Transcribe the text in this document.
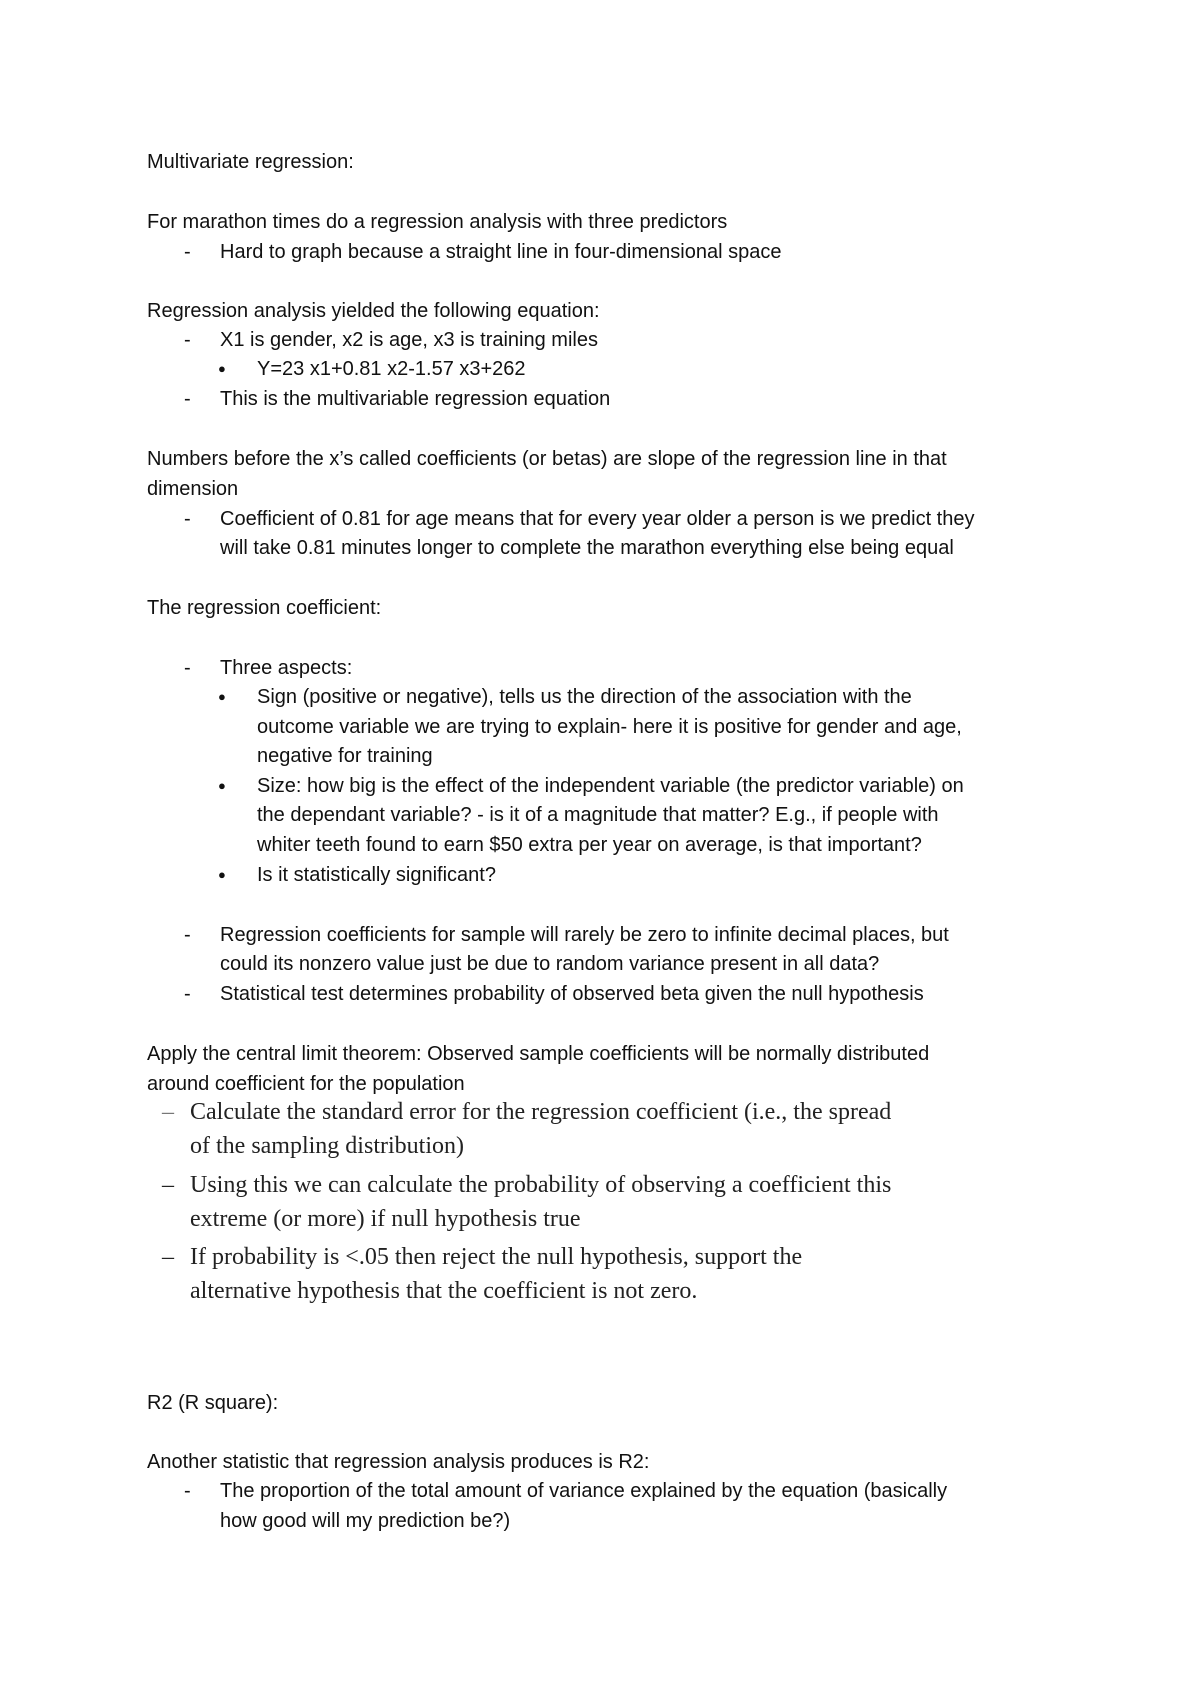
Multivariate regression:
For marathon times do a regression analysis with three predictors
- Hard to graph because a straight line in four-dimensional space
Regression analysis yielded the following equation:
- X1 is gender, x2 is age, x3 is training miles
● Y=23 x1+0.81 x2-1.57 x3+262
- This is the multivariable regression equation
Numbers before the x’s called coefficients (or betas) are slope of the regression line in that
dimension
- Coefficient of 0.81 for age means that for every year older a person is we predict they
will take 0.81 minutes longer to complete the marathon everything else being equal
The regression coefficient:
- Three aspects:
● Sign (positive or negative), tells us the direction of the association with the
outcome variable we are trying to explain- here it is positive for gender and age,
negative for training
● Size: how big is the effect of the independent variable (the predictor variable) on
the dependant variable? - is it of a magnitude that matter? E.g., if people with
whiter teeth found to earn $50 extra per year on average, is that important?
● Is it statistically significant?
- Regression coefficients for sample will rarely be zero to infinite decimal places, but
could its nonzero value just be due to random variance present in all data?
- Statistical test determines probability of observed beta given the null hypothesis
Apply the central limit theorem: Observed sample coefficients will be normally distributed
around coefficient for the population
– Calculate the standard error for the regression coefficient (i.e., the spread
of the sampling distribution)
– Using this we can calculate the probability of observing a coefficient this
extreme (or more) if null hypothesis true
– If probability is <.05 then reject the null hypothesis, support the
alternative hypothesis that the coefficient is not zero.
R2 (R square):
Another statistic that regression analysis produces is R2:
- The proportion of the total amount of variance explained by the equation (basically
how good will my prediction be?)
